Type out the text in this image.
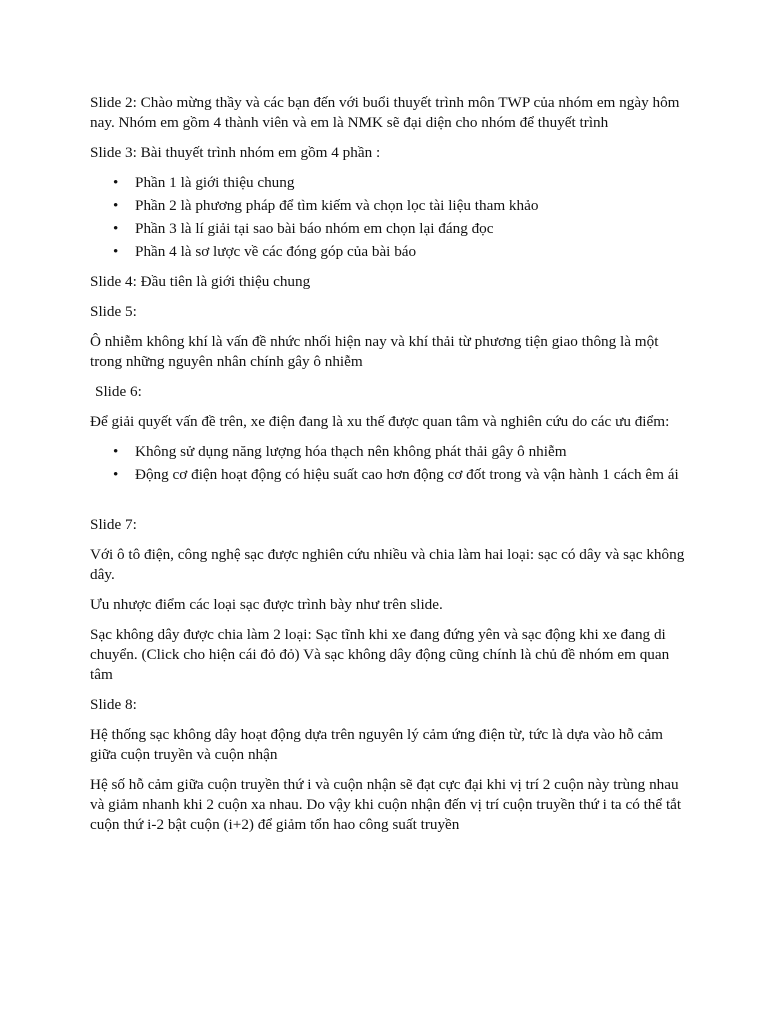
Slide 2: Chào mừng thầy và các bạn đến với buổi thuyết trình môn TWP của nhóm em ngày hôm nay. Nhóm em gồm 4 thành viên và em là NMK sẽ đại diện cho nhóm để thuyết trình

Slide 3: Bài thuyết trình nhóm em gồm 4 phần :

• Phần 1 là giới thiệu chung
• Phần 2 là phương pháp để tìm kiếm và chọn lọc tài liệu tham khảo
• Phần 3 là lí giải tại sao bài báo nhóm em chọn lại đáng đọc
• Phần 4 là sơ lược về các đóng góp của bài báo

Slide 4: Đầu tiên là giới thiệu chung

Slide 5:

Ô nhiễm không khí là vấn đề nhức nhối hiện nay và khí thải từ phương tiện giao thông là một trong những nguyên nhân chính gây ô nhiễm

Slide 6:

Để giải quyết vấn đề trên, xe điện đang là xu thế được quan tâm và nghiên cứu do các ưu điểm:

• Không sử dụng năng lượng hóa thạch nên không phát thải gây ô nhiễm
• Động cơ điện hoạt động có hiệu suất cao hơn động cơ đốt trong và vận hành 1 cách êm ái

Slide 7:

Với ô tô điện, công nghệ sạc được nghiên cứu nhiều và chia làm hai loại: sạc có dây và sạc không dây.

Ưu nhược điểm các loại sạc được trình bày như trên slide.

Sạc không dây được chia làm 2 loại: Sạc tĩnh khi xe đang đứng yên và sạc động khi xe đang di chuyển. (Click cho hiện cái đỏ đỏ) Và sạc không dây động cũng chính là chủ đề nhóm em quan tâm

Slide 8:

Hệ thống sạc không dây hoạt động dựa trên nguyên lý cảm ứng điện từ, tức là dựa vào hỗ cảm giữa cuộn truyền và cuộn nhận

Hệ số hỗ cảm giữa cuộn truyền thứ i và cuộn nhận sẽ đạt cực đại khi vị trí 2 cuộn này trùng nhau và giảm nhanh khi 2 cuộn xa nhau. Do vậy khi cuộn nhận đến vị trí cuộn truyền thứ i ta có thể tắt cuộn thứ i-2 bật cuộn (i+2) để giảm tổn hao công suất truyền
